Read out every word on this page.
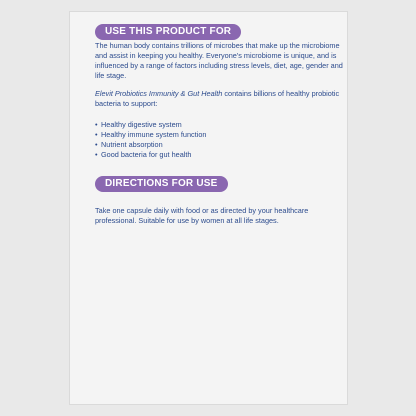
USE THIS PRODUCT FOR
The human body contains trillions of microbes that make up the microbiome and assist in keeping you healthy. Everyone's microbiome is unique, and is influenced by a range of factors including stress levels, diet, age, gender and life stage.
Elevit Probiotics Immunity & Gut Health contains billions of healthy probiotic bacteria to support:
• Healthy digestive system
• Healthy immune system function
• Nutrient absorption
• Good bacteria for gut health
DIRECTIONS FOR USE
Take one capsule daily with food or as directed by your healthcare professional. Suitable for use by women at all life stages.
